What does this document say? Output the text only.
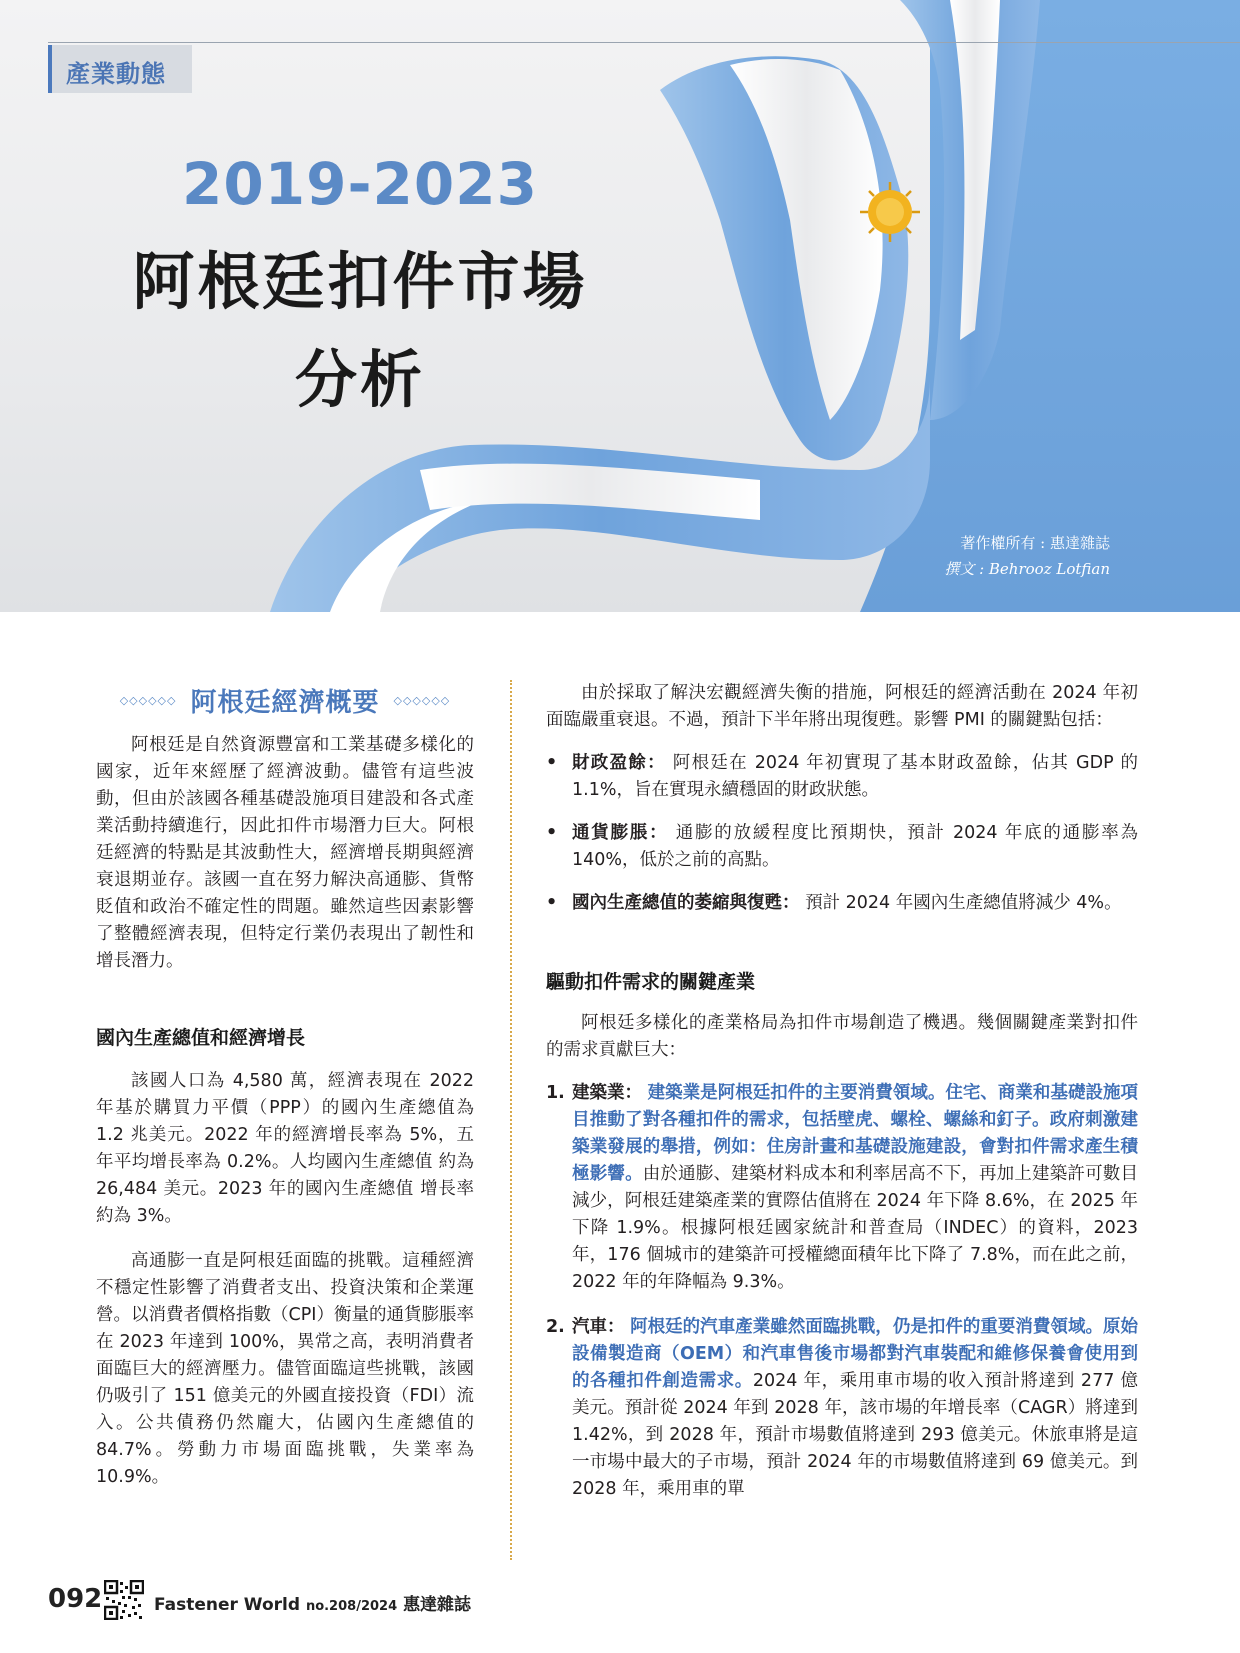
產業動態
2019-2023
阿根廷扣件市場
分析
著作權所有 : 惠達雜誌
撰文 : Behrooz Lotfian
◇◇◇◇◇◇ 阿根廷經濟概要 ◇◇◇◇◇◇

阿根廷是自然資源豐富和工業基礎多樣化的國家，近年來經歷了經濟波動。儘管有這些波動，但由於該國各種基礎設施項目建設和各式產業活動持續進行，因此扣件市場潛力巨大。阿根廷經濟的特點是其波動性大，經濟增長期與經濟衰退期並存。該國一直在努力解決高通膨、貨幣貶值和政治不確定性的問題。雖然這些因素影響了整體經濟表現，但特定行業仍表現出了韌性和增長潛力。

國內生產總值和經濟增長

該國人口為 4,580 萬，經濟表現在 2022 年基於購買力平價（PPP）的國內生產總值為 1.2 兆美元。2022 年的經濟增長率為 5%，五年平均增長率為 0.2%。人均國內生產總值 約為 26,484 美元。2023 年的國內生產總值 增長率約為 3%。

高通膨一直是阿根廷面臨的挑戰。這種經濟不穩定性影響了消費者支出、投資決策和企業運營。以消費者價格指數（CPI）衡量的通貨膨脹率在 2023 年達到 100%，異常之高，表明消費者面臨巨大的經濟壓力。儘管面臨這些挑戰，該國仍吸引了 151 億美元的外國直接投資（FDI）流入。公共債務仍然龐大，佔國內生產總值的 84.7%。勞動力市場面臨挑戰，失業率為 10.9%。

由於採取了解決宏觀經濟失衡的措施，阿根廷的經濟活動在 2024 年初面臨嚴重衰退。不過，預計下半年將出現復甦。影響 PMI 的關鍵點包括：

• 財政盈餘： 阿根廷在 2024 年初實現了基本財政盈餘，佔其 GDP 的 1.1%，旨在實現永續穩固的財政狀態。
• 通貨膨脹： 通膨的放緩程度比預期快，預計 2024 年底的通膨率為 140%，低於之前的高點。
• 國內生產總值的萎縮與復甦： 預計 2024 年國內生產總值將減少 4%。

驅動扣件需求的關鍵產業

阿根廷多樣化的產業格局為扣件市場創造了機遇。幾個關鍵產業對扣件的需求貢獻巨大：

1. 建築業： 建築業是阿根廷扣件的主要消費領域。住宅、商業和基礎設施項目推動了對各種扣件的需求，包括壁虎、螺栓、螺絲和釘子。政府刺激建築業發展的舉措，例如：住房計畫和基礎設施建設，會對扣件需求產生積極影響。由於通膨、建築材料成本和利率居高不下，再加上建築許可數目減少，阿根廷建築產業的實際估值將在 2024 年下降 8.6%，在 2025 年下降 1.9%。根據阿根廷國家統計和普查局（INDEC）的資料，2023 年，176 個城市的建築許可授權總面積年比下降了 7.8%，而在此之前，2022 年的年降幅為 9.3%。
2. 汽車： 阿根廷的汽車產業雖然面臨挑戰，仍是扣件的重要消費領域。原始設備製造商（OEM）和汽車售後市場都對汽車裝配和維修保養會使用到的各種扣件創造需求。2024 年，乘用車市場的收入預計將達到 277 億美元。預計從 2024 年到 2028 年，該市場的年增長率（CAGR）將達到 1.42%，到 2028 年，預計市場數值將達到 293 億美元。休旅車將是這一市場中最大的子市場，預計 2024 年的市場數值將達到 69 億美元。到 2028 年，乘用車的單
092	Fastener World no.208/2024 惠達雜誌
